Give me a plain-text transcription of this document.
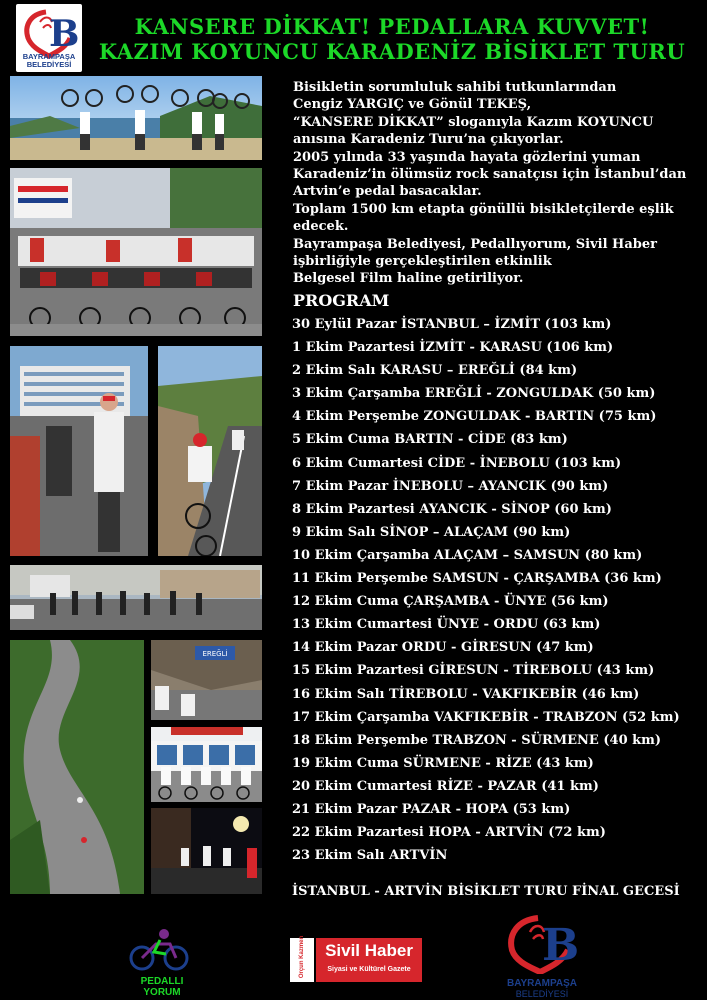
B
BAYRAMPAŞA BELEDİYESİ
KANSERE DİKKAT! PEDALLARA KUVVET!
KAZIM KOYUNCU KARADENİZ BİSİKLET TURU
EREĞLİ
Bisikletin sorumluluk sahibi tutkunlarından
Cengiz YARGIÇ ve Gönül TEKEŞ,
“KANSERE DİKKAT” sloganıyla Kazım KOYUNCU
anısına Karadeniz Turu’na çıkıyorlar.
2005 yılında 33 yaşında hayata gözlerini yuman
Karadeniz’in ölümsüz rock sanatçısı için İstanbul’dan
Artvin’e pedal basacaklar.
Toplam 1500 km etapta gönüllü bisikletçilerde eşlik
edecek.
Bayrampaşa Belediyesi, Pedallıyorum, Sivil Haber
işbirliğiyle gerçekleştirilen etkinlik
Belgesel Film haline getiriliyor.
PROGRAM
30 Eylül Pazar İSTANBUL – İZMİT (103 km)
1 Ekim Pazartesi İZMİT - KARASU (106 km)
2 Ekim Salı KARASU – EREĞLİ (84 km)
3 Ekim Çarşamba EREĞLİ - ZONGULDAK (50 km)
4 Ekim Perşembe ZONGULDAK - BARTIN (75 km)
5 Ekim Cuma BARTIN - CİDE (83 km)
6 Ekim Cumartesi CİDE - İNEBOLU (103 km)
7 Ekim Pazar İNEBOLU – AYANCIK (90 km)
8 Ekim Pazartesi AYANCIK - SİNOP (60 km)
9 Ekim Salı SİNOP – ALAÇAM (90 km)
10 Ekim Çarşamba ALAÇAM – SAMSUN (80 km)
11 Ekim Perşembe SAMSUN - ÇARŞAMBA (36 km)
12 Ekim Cuma ÇARŞAMBA - ÜNYE (56 km)
13 Ekim Cumartesi ÜNYE - ORDU (63 km)
14 Ekim Pazar ORDU - GİRESUN (47 km)
15 Ekim Pazartesi GİRESUN - TİREBOLU (43 km)
16 Ekim Salı TİREBOLU - VAKFIKEBİR (46 km)
17 Ekim Çarşamba VAKFIKEBİR - TRABZON (52 km)
18 Ekim Perşembe TRABZON - SÜRMENE (40 km)
19 Ekim Cuma SÜRMENE - RİZE (43 km)
20 Ekim Cumartesi RİZE - PAZAR (41 km)
21 Ekim Pazar PAZAR - HOPA (53 km)
22 Ekim Pazartesi HOPA - ARTVİN (72 km)
23 Ekim Salı ARTVİN
İSTANBUL - ARTVİN BİSİKLET TURU FİNAL GECESİ
PEDALLI
YORUM
Orçun Kazmen	Sivil Haber
Siyasi ve Kültürel Gazete	B
BAYRAMPAŞA
BELEDİYESİ
